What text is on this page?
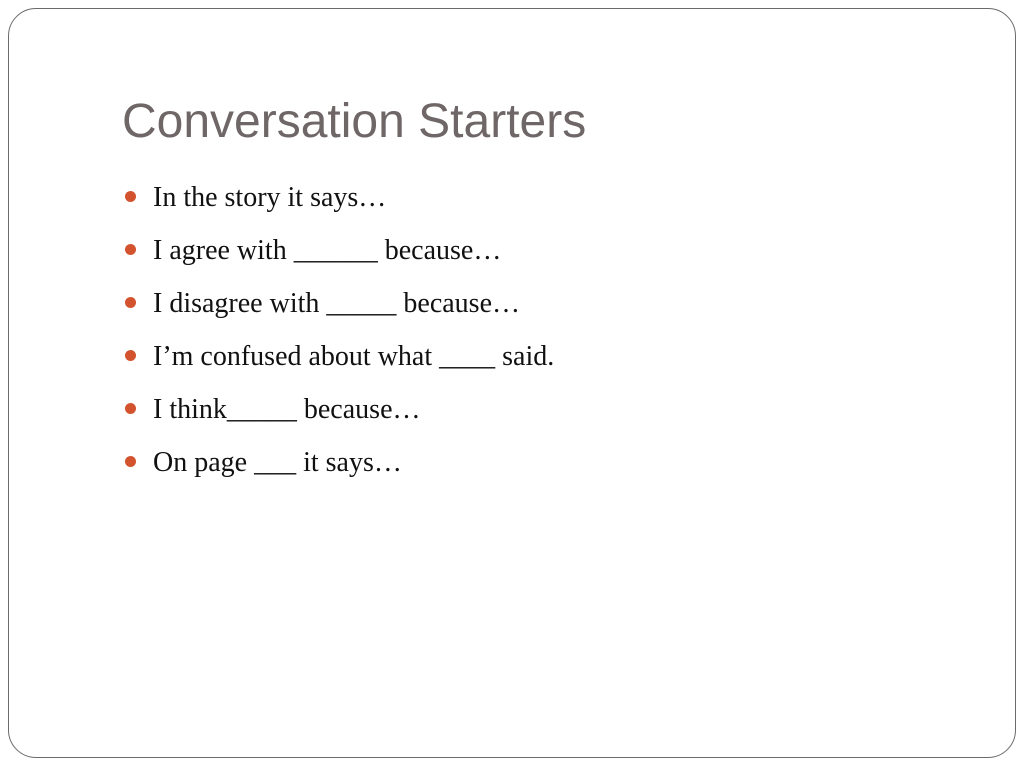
Conversation Starters
In the story it says…
I agree with ______ because…
I disagree with _____ because…
I’m confused about what ____ said.
I think_____ because…
On page ___ it says…
